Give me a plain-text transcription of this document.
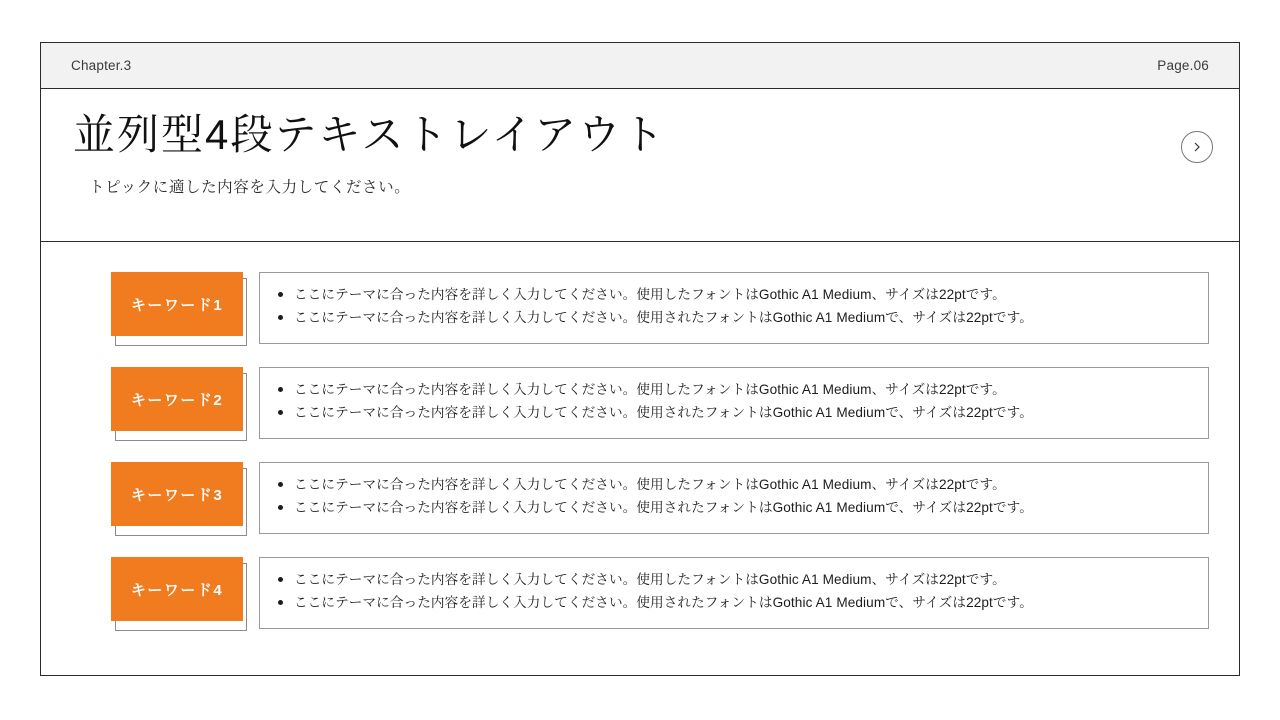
Chapter.3	Page.06
並列型4段テキストレイアウト

トピックに適した内容を入力してください。

キーワード1
ここにテーマに合った内容を詳しく入力してください。使用したフォントはGothic A1 Medium、サイズは22ptです。
ここにテーマに合った内容を詳しく入力してください。使用されたフォントはGothic A1 Mediumで、サイズは22ptです。
キーワード2
ここにテーマに合った内容を詳しく入力してください。使用したフォントはGothic A1 Medium、サイズは22ptです。
ここにテーマに合った内容を詳しく入力してください。使用されたフォントはGothic A1 Mediumで、サイズは22ptです。
キーワード3
ここにテーマに合った内容を詳しく入力してください。使用したフォントはGothic A1 Medium、サイズは22ptです。
ここにテーマに合った内容を詳しく入力してください。使用されたフォントはGothic A1 Mediumで、サイズは22ptです。
キーワード4
ここにテーマに合った内容を詳しく入力してください。使用したフォントはGothic A1 Medium、サイズは22ptです。
ここにテーマに合った内容を詳しく入力してください。使用されたフォントはGothic A1 Mediumで、サイズは22ptです。
